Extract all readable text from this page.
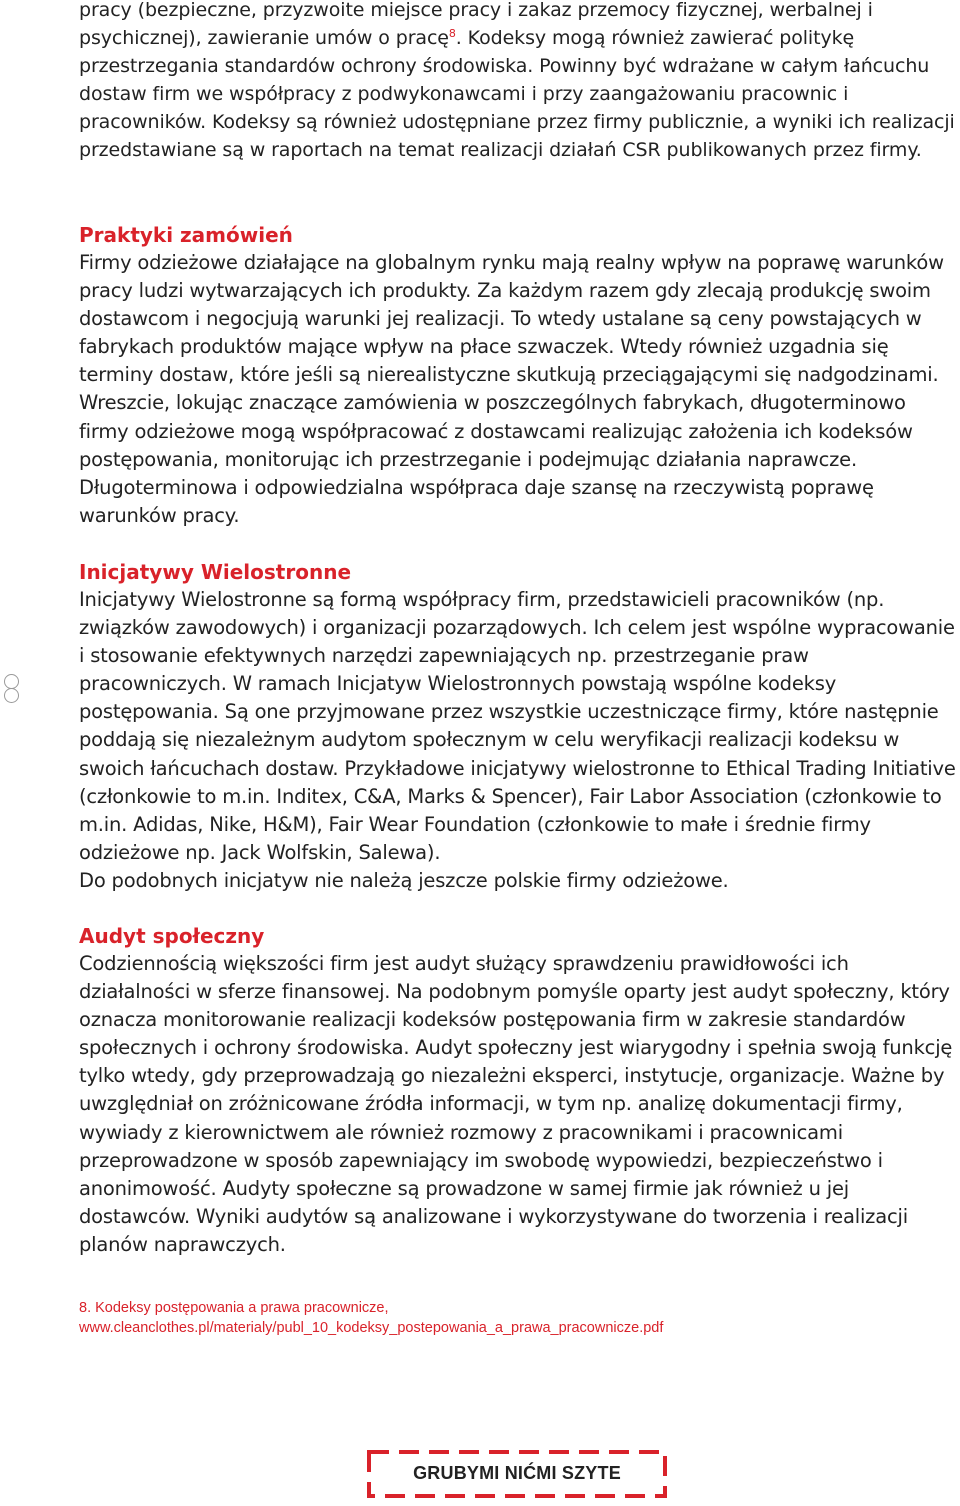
pracy (bezpieczne, przyzwoite miejsce pracy i zakaz przemocy fizycznej, werbalnej i psychicznej), zawieranie umów o pracę$^8$. Kodeksy mogą również zawierać politykę przestrzegania standardów ochrony środowiska. Powinny być wdrażane w całym łańcuchu dostaw firm we współpracy z podwykonawcami i przy zaangażowaniu pracownic i pracowników. Kodeksy są również udostępniane przez firmy publicznie, a wyniki ich realizacji przedstawiane są w raportach na temat realizacji działań CSR publikowanych przez firmy.

Praktyki zamówień

Firmy odzieżowe działające na globalnym rynku mają realny wpływ na poprawę warunków pracy ludzi wytwarzających ich produkty. Za każdym razem gdy zlecają produkcję swoim dostawcom i negocjują warunki jej realizacji. To wtedy ustalane są ceny powstających w fabrykach produktów mające wpływ na płace szwaczek. Wtedy również uzgadnia się terminy dostaw, które jeśli są nierealistyczne skutkują przeciągającymi się nadgodzinami. Wreszcie, lokując znaczące zamówienia w poszczególnych fabrykach, długoterminowo firmy odzieżowe mogą współpracować z dostawcami realizując założenia ich kodeksów postępowania, monitorując ich przestrzeganie i podejmując działania naprawcze. Długoterminowa i odpowiedzialna współpraca daje szansę na rzeczywistą poprawę warunków pracy.

Inicjatywy Wielostronne

Inicjatywy Wielostronne są formą współpracy firm, przedstawicieli pracowników (np. związków zawodowych) i organizacji pozarządowych. Ich celem jest wspólne wypracowanie i stosowanie efektywnych narzędzi zapewniających np. przestrzeganie praw pracowniczych. W ramach Inicjatyw Wielostronnych powstają wspólne kodeksy postępowania. Są one przyjmowane przez wszystkie uczestniczące firmy, które następnie poddają się niezależnym audytom społecznym w celu weryfikacji realizacji kodeksu w swoich łańcuchach dostaw. Przykładowe inicjatywy wielostronne to Ethical Trading Initiative (członkowie to m.in. Inditex, C&A, Marks & Spencer), Fair Labor Association (członkowie to m.in. Adidas, Nike, H&M), Fair Wear Foundation (członkowie to małe i średnie firmy odzieżowe np. Jack Wolfskin, Salewa).

Do podobnych inicjatyw nie należą jeszcze polskie firmy odzieżowe.

Audyt społeczny

Codziennością większości firm jest audyt służący sprawdzeniu prawidłowości ich działalności w sferze finansowej. Na podobnym pomyśle oparty jest audyt społeczny, który oznacza monitorowanie realizacji kodeksów postępowania firm w zakresie standardów społecznych i ochrony środowiska. Audyt społeczny jest wiarygodny i spełnia swoją funkcję tylko wtedy, gdy przeprowadzają go niezależni eksperci, instytucje, organizacje. Ważne by uwzględniał on zróżnicowane źródła informacji, w tym np. analizę dokumentacji firmy, wywiady z kierownictwem ale również rozmowy z pracownikami i pracownicami przeprowadzone w sposób zapewniający im swobodę wypowiedzi, bezpieczeństwo i anonimowość. Audyty społeczne są prowadzone w samej firmie jak również u jej dostawców. Wyniki audytów są analizowane i wykorzystywane do tworzenia i realizacji planów naprawczych.

8. Kodeksy postępowania a prawa pracownicze, www.cleanclothes.pl/materialy/publ_10_kodeksy_postepowania_a_prawa_pracownicze.pdf

GRUBYMI NIĆMI SZYTE
